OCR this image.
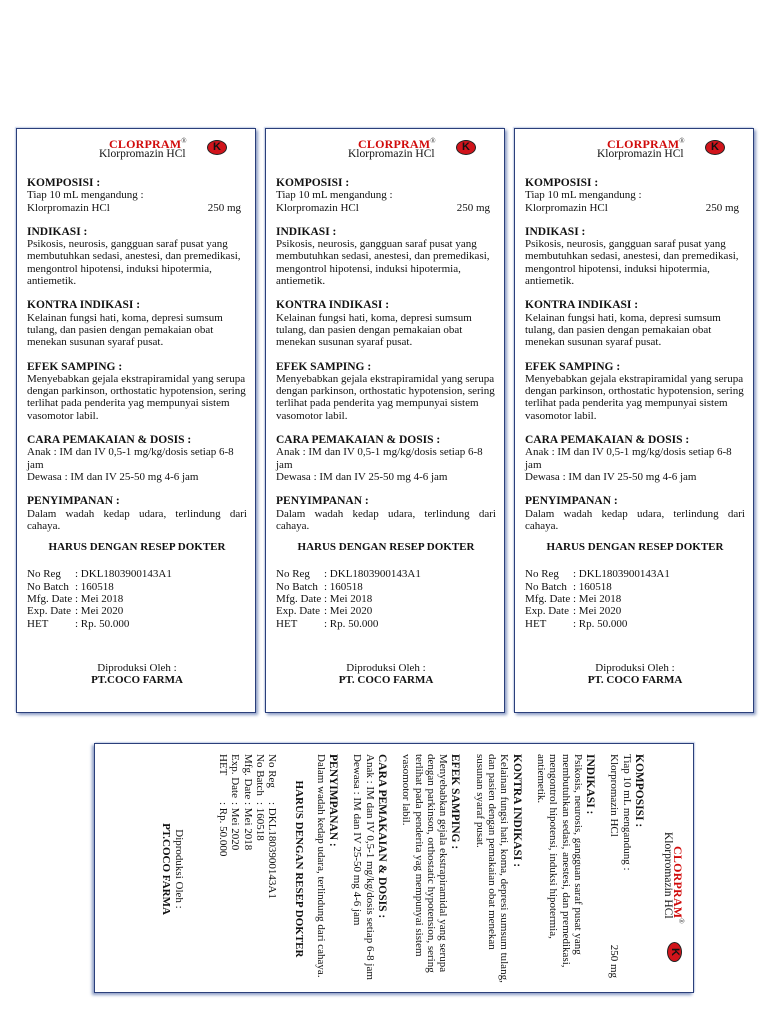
CLORPRAM®
Klorpromazin HCl
K
KOMPOSISI :
Tiap 10 mL mengandung :
Klorpromazin HCl	250 mg
INDIKASI :
Psikosis, neurosis, gangguan saraf pusat yang membutuhkan sedasi, anestesi, dan premedikasi, mengontrol hipotensi, induksi hipotermia, antiemetik.
KONTRA INDIKASI :
Kelainan fungsi hati, koma, depresi sumsum tulang, dan pasien dengan pemakaian obat menekan susunan syaraf pusat.
EFEK SAMPING :
Menyebabkan gejala ekstrapiramidal yang serupa dengan parkinson, orthostatic hypotension, sering terlihat pada penderita yag mempunyai sistem vasomotor labil.
CARA PEMAKAIAN & DOSIS :
Anak : IM dan IV 0,5-1 mg/kg/dosis setiap 6-8 jam
Dewasa : IM dan IV 25-50 mg 4-6 jam
PENYIMPANAN :
Dalam wadah kedap udara, terlindung dari cahaya.
HARUS DENGAN RESEP DOKTER
No Reg	: DKL1803900143A1
No Batch : 160518
Mfg. Date : Mei 2018
Exp. Date : Mei 2020
HET	: Rp. 50.000
Diproduksi Oleh :
PT.COCO FARMA
CLORPRAM®
Klorpromazin HCl
K
KOMPOSISI :
Tiap 10 mL mengandung :
Klorpromazin HCl	250 mg
INDIKASI :
Psikosis, neurosis, gangguan saraf pusat yang membutuhkan sedasi, anestesi, dan premedikasi, mengontrol hipotensi, induksi hipotermia, antiemetik.
KONTRA INDIKASI :
Kelainan fungsi hati, koma, depresi sumsum tulang, dan pasien dengan pemakaian obat menekan susunan syaraf pusat.
EFEK SAMPING :
Menyebabkan gejala ekstrapiramidal yang serupa dengan parkinson, orthostatic hypotension, sering terlihat pada penderita yag mempunyai sistem vasomotor labil.
CARA PEMAKAIAN & DOSIS :
Anak : IM dan IV 0,5-1 mg/kg/dosis setiap 6-8 jam
Dewasa : IM dan IV 25-50 mg 4-6 jam
PENYIMPANAN :
Dalam wadah kedap udara, terlindung dari cahaya.
HARUS DENGAN RESEP DOKTER
No Reg	: DKL1803900143A1
No Batch : 160518
Mfg. Date : Mei 2018
Exp. Date : Mei 2020
HET	: Rp. 50.000
Diproduksi Oleh :
PT. COCO FARMA
CLORPRAM®
Klorpromazin HCl
K
KOMPOSISI :
Tiap 10 mL mengandung :
Klorpromazin HCl	250 mg
INDIKASI :
Psikosis, neurosis, gangguan saraf pusat yang membutuhkan sedasi, anestesi, dan premedikasi, mengontrol hipotensi, induksi hipotermia, antiemetik.
KONTRA INDIKASI :
Kelainan fungsi hati, koma, depresi sumsum tulang, dan pasien dengan pemakaian obat menekan susunan syaraf pusat.
EFEK SAMPING :
Menyebabkan gejala ekstrapiramidal yang serupa dengan parkinson, orthostatic hypotension, sering terlihat pada penderita yag mempunyai sistem vasomotor labil.
CARA PEMAKAIAN & DOSIS :
Anak : IM dan IV 0,5-1 mg/kg/dosis setiap 6-8 jam
Dewasa : IM dan IV 25-50 mg 4-6 jam
PENYIMPANAN :
Dalam wadah kedap udara, terlindung dari cahaya.
HARUS DENGAN RESEP DOKTER
No Reg	: DKL1803900143A1
No Batch : 160518
Mfg. Date : Mei 2018
Exp. Date : Mei 2020
HET	: Rp. 50.000
Diproduksi Oleh :
PT. COCO FARMA
CLORPRAM®
Klorpromazin HCl
K
KOMPOSISI :
Tiap 10 mL mengandung :
Klorpromazin HCl
250 mg
INDIKASI :
Psikosis, neurosis, gangguan saraf pusat yang membutuhkan sedasi, anestesi, dan premedikasi, mengontrol hipotensi, induksi hipotermia, antiemetik.
KONTRA INDIKASI :
Kelainan fungsi hati, koma, depresi sumsum tulang, dan pasien dengan pemakaian obat menekan susunan syaraf pusat.
EFEK SAMPING :
Menyebabkan gejala ekstrapiramidal yang serupa dengan parkinson, orthostatic hypotension, sering terlihat pada penderita yag mempunyai sistem vasomotor labil.
CARA PEMAKAIAN & DOSIS :
Anak : IM dan IV 0,5-1 mg/kg/dosis setiap 6-8 jam
Dewasa : IM dan IV 25-50 mg 4-6 jam
PENYIMPANAN :
Dalam wadah kedap udara, terlindung dari cahaya.
HARUS DENGAN RESEP DOKTER
No Reg
: DKL1803900143A1
No Batch
: 160518
Mfg. Date
: Mei 2018
Exp. Date
: Mei 2020
HET
: Rp. 50.000
Diproduksi Oleh :
PT.COCO FARMA
